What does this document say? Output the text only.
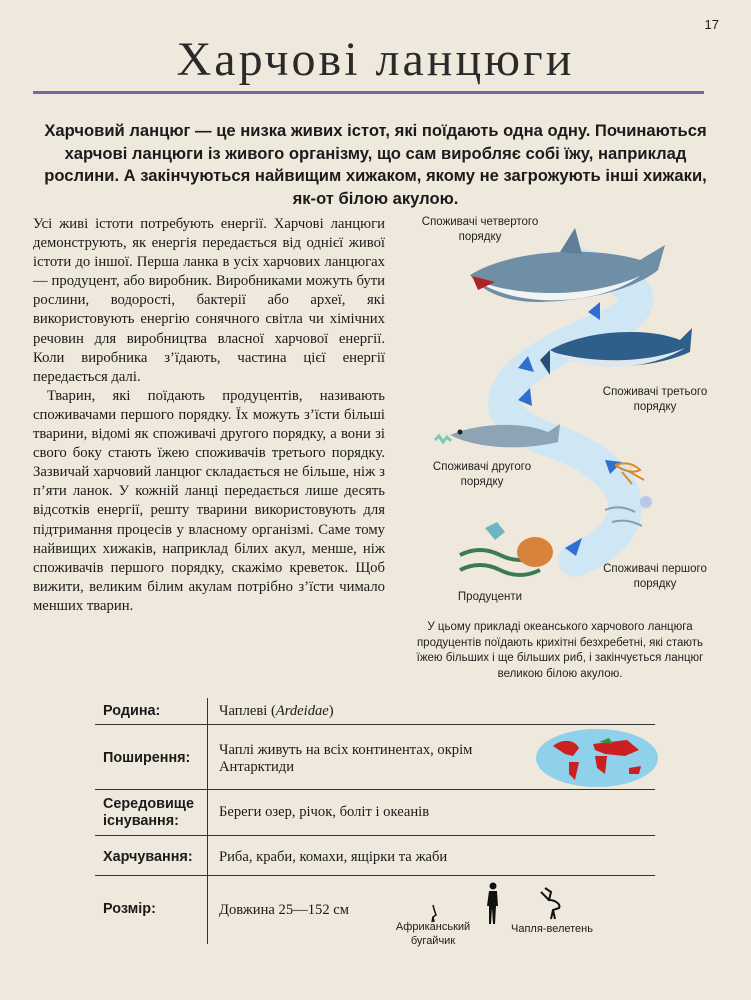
17
Харчові ланцюги

Харчовий ланцюг — це низка живих істот, які поїдають одна одну. Починаються харчові ланцюги із живого організму, що сам виробляє собі їжу, наприклад рослини. А закінчуються найвищим хижаком, якому не загрожують інші хижаки, як-от білою акулою.

Усі живі істоти потребують енергії. Харчові ланцюги демонструють, як енергія передається від однієї живої істоти до іншої. Перша ланка в усіх харчових ланцюгах — продуцент, або виробник. Виробниками можуть бути рослини, водорості, бактерії або археї, які використовують енергію сонячного світла чи хімічних речовин для виробництва власної харчової енергії. Коли виробника з’їдають, частина цієї енергії передається далі.

Тварин, які поїдають продуцентів, називають споживачами першого порядку. Їх можуть з’їсти більші тварини, відомі як споживачі другого порядку, а вони зі свого боку стають їжею споживачів третього порядку. Зазвичай харчовий ланцюг складається не більше, ніж з п’яти ланок. У кожній ланці передається лише десять відсотків енергії, решту тварини використовують для підтримання процесів у власному організмі. Саме тому найвищих хижаків, наприклад білих акул, менше, ніж споживачів першого порядку, скажімо креветок. Щоб вижити, великим білим акулам потрібно з’їсти чимало менших тварин.

Споживачі четвертого порядку
Споживачі третього порядку
Споживачі другого порядку
Споживачі першого порядку
Продуценти
У цьому прикладі океанського харчового ланцюга продуцентів поїдають крихітні безхребетні, які стають їжею більших і ще більших риб, і закінчується ланцюг великою білою акулою.
Родина:	Чаплеві (Ardeidae)
Поширення:	Чаплі живуть на всіх континентах, окрім Антарктиди
Середовище існування:
Береги озер, річок, боліт і океанів
Харчування:	Риба, краби, комахи, ящірки та жаби
Розмір:	Довжина 25—152 см
Африканський бугайчик
Чапля-велетень
